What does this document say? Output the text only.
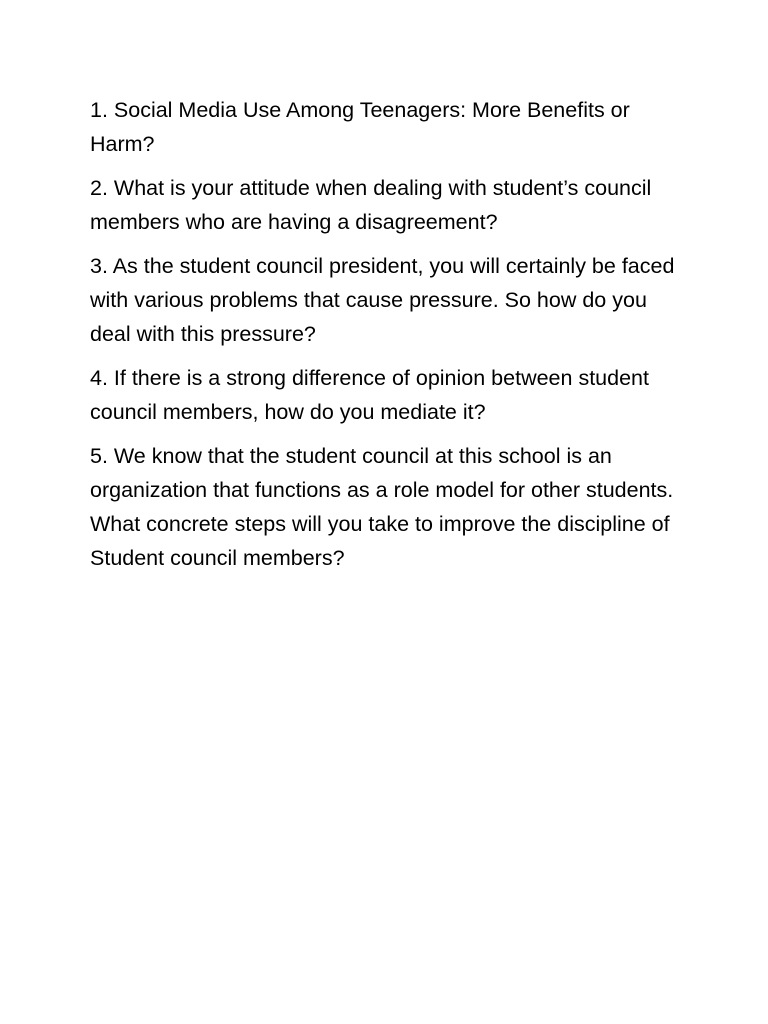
1. Social Media Use Among Teenagers: More Benefits or Harm?

2. What is your attitude when dealing with student’s council members who are having a disagreement?

3. As the student council president, you will certainly be faced with various problems that cause pressure. So how do you deal with this pressure?

4. If there is a strong difference of opinion between student council members, how do you mediate it?

5. We know that the student council at this school is an organization that functions as a role model for other students. What concrete steps will you take to improve the discipline of Student council members?
